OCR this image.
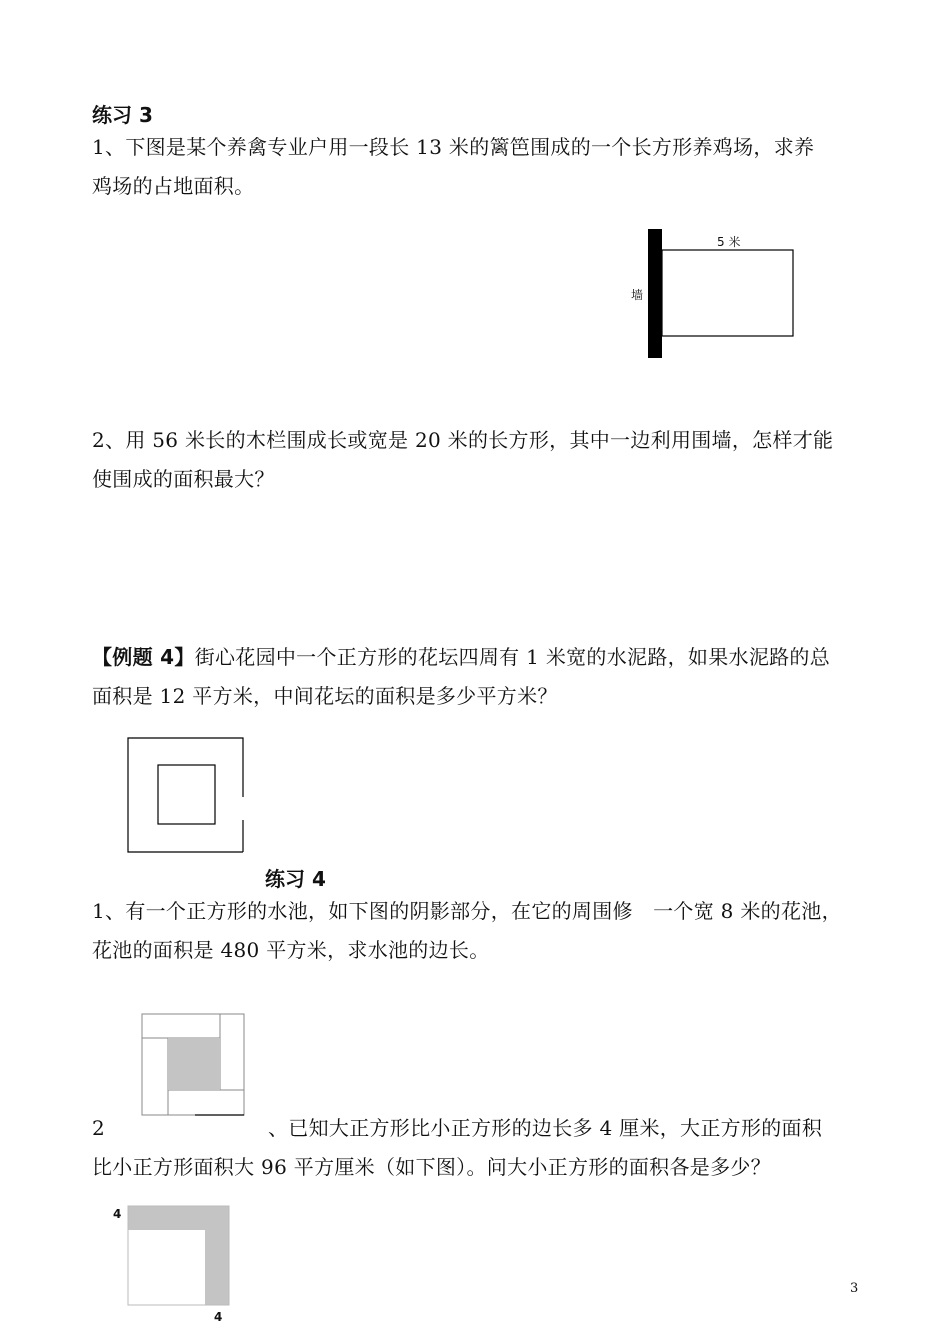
练习 3
1、下图是某个养禽专业户用一段长 13 米的篱笆围成的一个长方形养鸡场，求养
鸡场的占地面积。
墙
5 米
2、用 56 米长的木栏围成长或宽是 20 米的长方形，其中一边利用围墙，怎样才能
使围成的面积最大？
【例题 4】街心花园中一个正方形的花坛四周有 1 米宽的水泥路，如果水泥路的总
面积是 12 平方米，中间花坛的面积是多少平方米？
练习 4
1、有一个正方形的水池，如下图的阴影部分，在它的周围修　一个宽 8 米的花池，
花池的面积是 480 平方米，求水池的边长。
2	、已知大正方形比小正方形的边长多 4 厘米，大正方形的面积
比小正方形面积大 96 平方厘米（如下图）。问大小正方形的面积各是多少？
4
4
3
